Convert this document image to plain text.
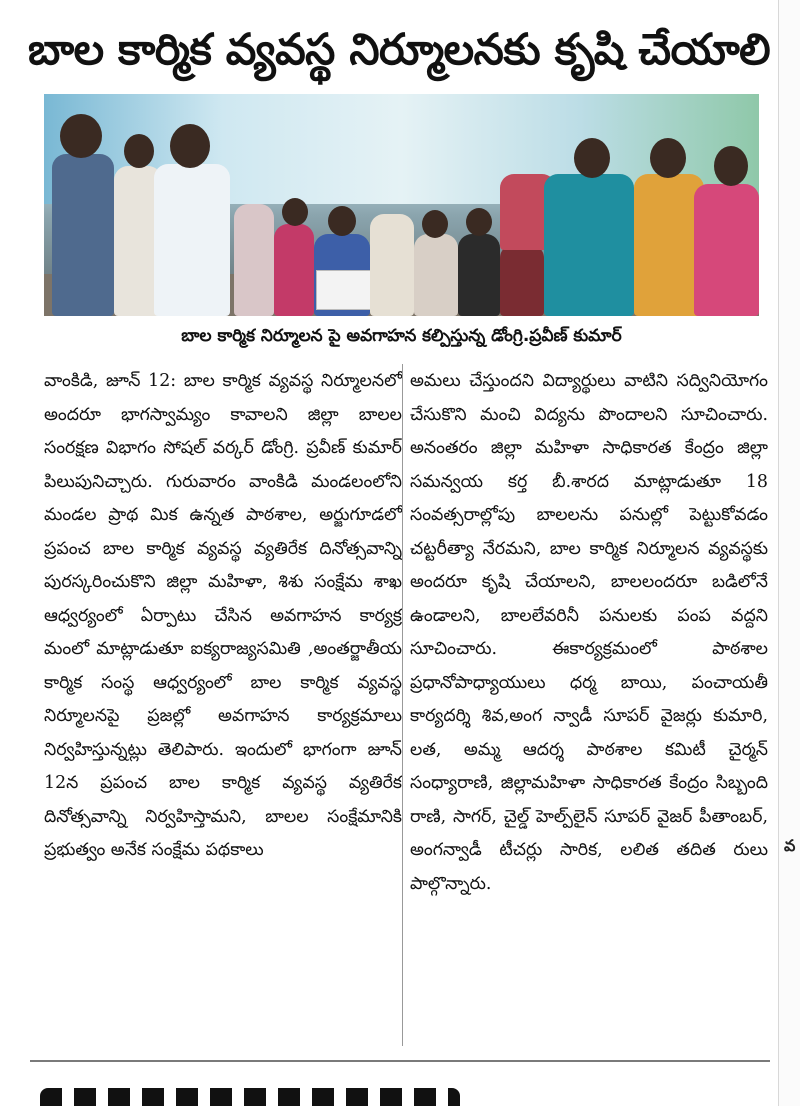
బాల కార్మిక వ్యవస్థ నిర్మూలనకు కృషి చేయాలి
బాల కార్మిక నిర్మూలన పై అవగాహన కల్పిస్తున్న డోంగ్రి.ప్రవీణ్ కుమార్

వాంకిడి, జూన్ 12: బాల కార్మిక వ్యవస్థ నిర్మూలనలో అందరూ భాగస్వామ్యం కావాలని జిల్లా బాలల సంరక్షణ విభాగం సోషల్ వర్కర్ డోంగ్రి. ప్రవీణ్ కుమార్ పిలుపునిచ్చారు. గురువారం వాంకిడి మండలంలోని మండల ప్రాథ మిక ఉన్నత పాఠశాల, అర్జుగూడలో ప్రపంచ బాల కార్మిక వ్యవస్థ వ్యతిరేక దినోత్సవాన్ని పురస్కరించుకొని జిల్లా మహిళా, శిశు సంక్షేమ శాఖ ఆధ్వర్యంలో ఏర్పాటు చేసిన అవగాహన కార్యక్ర మంలో మాట్లాడుతూ ఐక్యరాజ్యసమితి ,అంతర్జాతీయ కార్మిక సంస్థ ఆధ్వర్యంలో బాల కార్మిక వ్యవస్థ నిర్మూలనపై ప్రజల్లో అవగాహన కార్యక్రమాలు నిర్వహిస్తున్నట్లు తెలిపారు. ఇందులో భాగంగా జూన్ 12న ప్రపంచ బాల కార్మిక వ్యవస్థ వ్యతిరేక దినోత్సవాన్ని నిర్వహిస్తామని, బాలల సంక్షేమానికి ప్రభుత్వం అనేక సంక్షేమ పథకాలు

అమలు చేస్తుందని విద్యార్థులు వాటిని సద్వినియోగం చేసుకొని మంచి విద్యను పొందాలని సూచించారు. అనంతరం జిల్లా మహిళా సాధికారత కేంద్రం జిల్లా సమన్వయ కర్త బీ.శారద మాట్లాడుతూ 18 సంవత్సరాల్లోపు బాలలను పనుల్లో పెట్టుకోవడం చట్టరీత్యా నేరమని, బాల కార్మిక నిర్మూలన వ్యవస్థకు అందరూ కృషి చేయాలని, బాలలందరూ బడిలోనే ఉండాలని, బాలలేవరినీ పనులకు పంప వద్దని సూచించారు. ఈకార్యక్రమంలో పాఠశాల ప్రధానోపాధ్యాయులు ధర్మ బాయి, పంచాయతీ కార్యదర్శి శివ,అంగ న్వాడీ సూపర్ వైజర్లు కుమారి, లత, అమ్మ ఆదర్శ పాఠశాల కమిటీ చైర్మన్ సంధ్యారాణి, జిల్లామహిళా సాధికారత కేంద్రం సిబ్బంది రాణి, సాగర్, చైల్డ్ హెల్ప్‌లైన్ సూపర్ వైజర్ పీతాంబర్, అంగన్వాడీ టీచర్లు సారిక, లలిత తదిత రులు పాల్గొన్నారు.

వ
